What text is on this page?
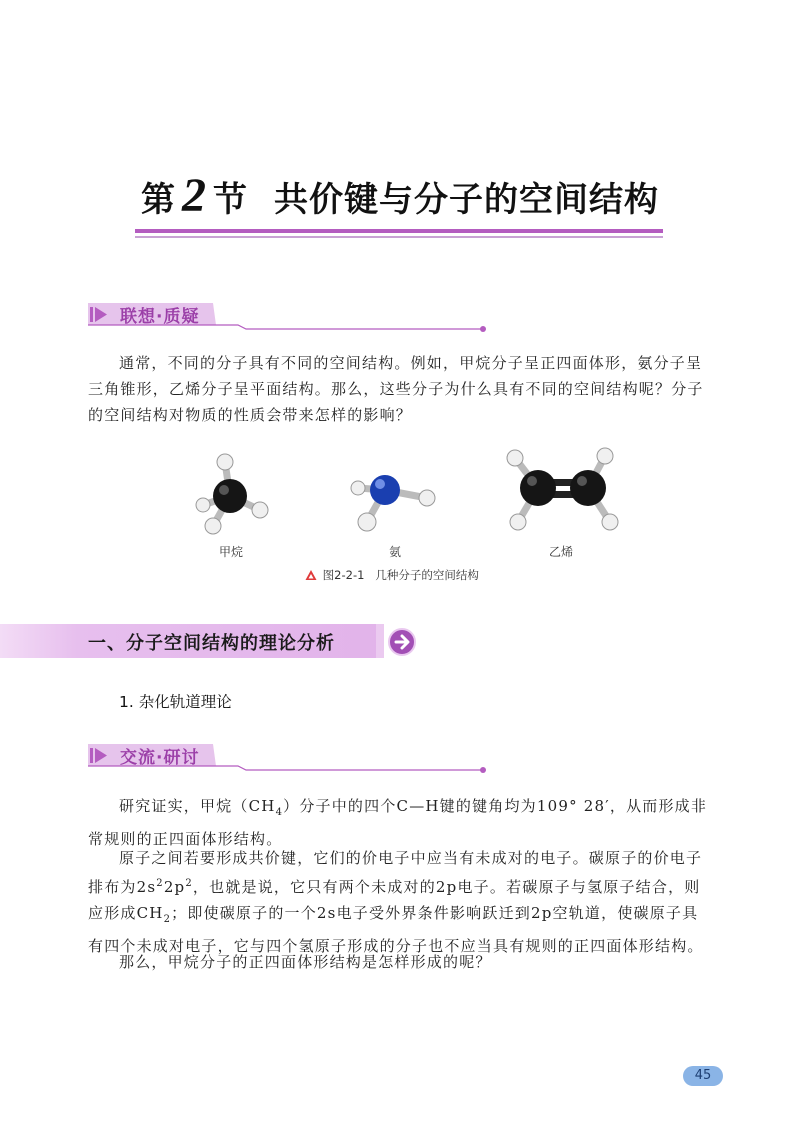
第 2 节 共价键与分子的空间结构
联想·质疑

通常，不同的分子具有不同的空间结构。例如，甲烷分子呈正四面体形，氨分子呈三角锥形，乙烯分子呈平面结构。那么，这些分子为什么具有不同的空间结构呢？分子的空间结构对物质的性质会带来怎样的影响？

甲烷	氨	乙烯
图2-2-1 几种分子的空间结构
一、分子空间结构的理论分析
1. 杂化轨道理论
交流·研讨

研究证实，甲烷$(CH_4)$分子中的四个C—H键的键角均为109° 28′，从而形成非常规则的正四面体形结构。

原子之间若要形成共价键，它们的价电子中应当有未成对的电子。碳原子的价电子排布为$2s^22p^2$，也就是说，它只有两个未成对的2p电子。若碳原子与氢原子结合，则应形成$CH_2$；即使碳原子的一个2s电子受外界条件影响跃迁到2p空轨道，使碳原子具有四个未成对电子，它与四个氢原子形成的分子也不应当具有规则的正四面体形结构。

那么，甲烷分子的正四面体形结构是怎样形成的呢？

45
